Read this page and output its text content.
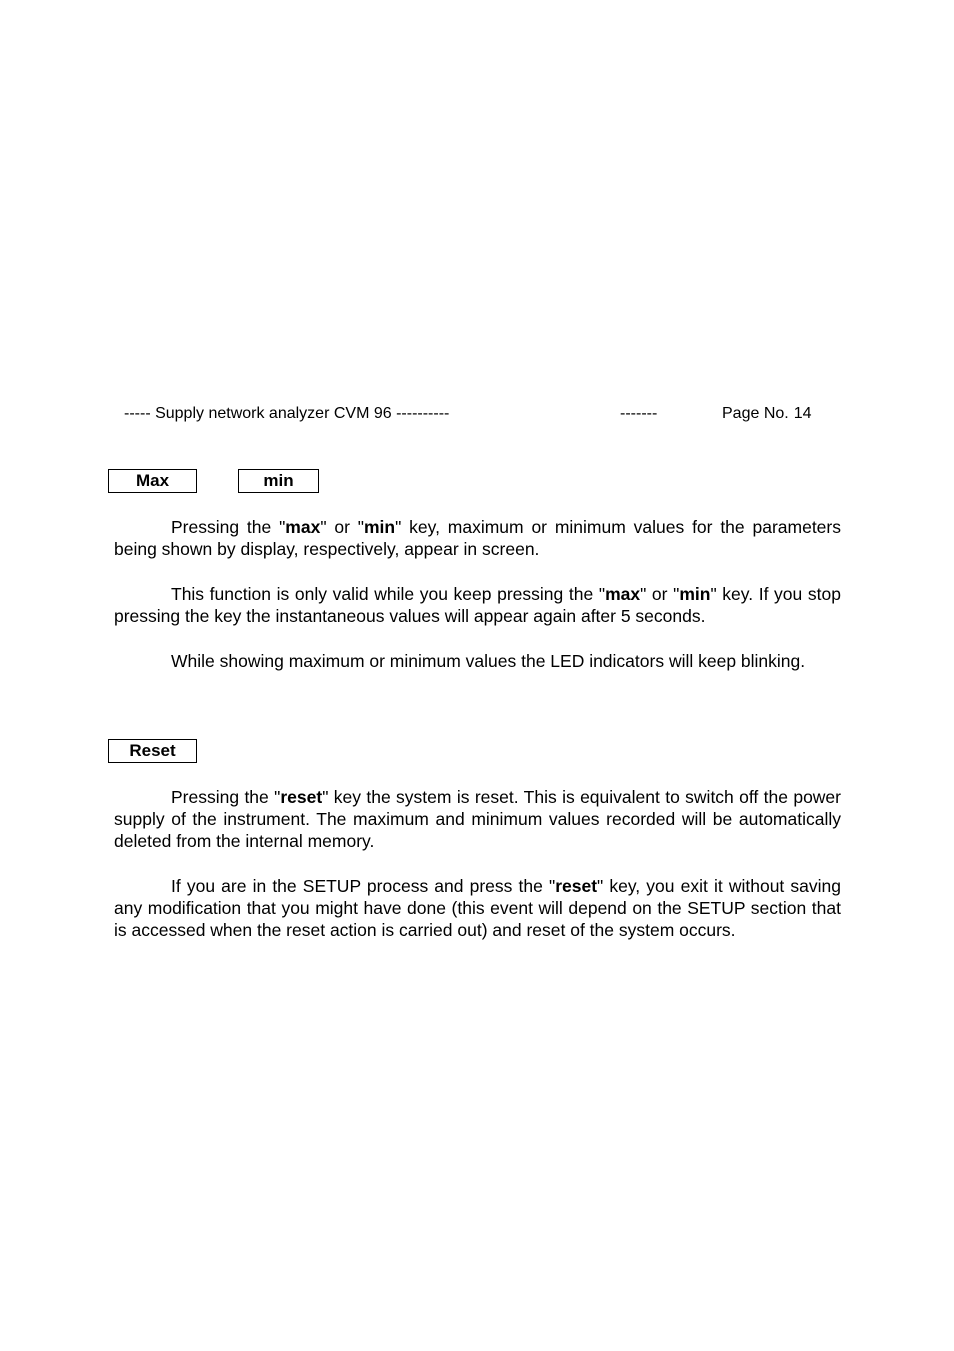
----- Supply network analyzer CVM 96 ----------	-------	Page No. 14
Max	min

Pressing the "max" or "min" key, maximum or minimum values for the parameters being shown by display, respectively, appear in screen.

This function is only valid while you keep pressing the "max" or "min" key. If you stop pressing the key the instantaneous values will appear again after 5 seconds.

While showing maximum or minimum values the LED indicators will keep blinking.

Reset

Pressing the "reset" key the system is reset. This is equivalent to switch off the power supply of the instrument. The maximum and minimum values recorded will be automatically deleted from the internal memory.

If you are in the SETUP process and press the "reset" key, you exit it without saving any modification that you might have done (this event will depend on the SETUP section that is accessed when the reset action is carried out) and reset of the system occurs.
